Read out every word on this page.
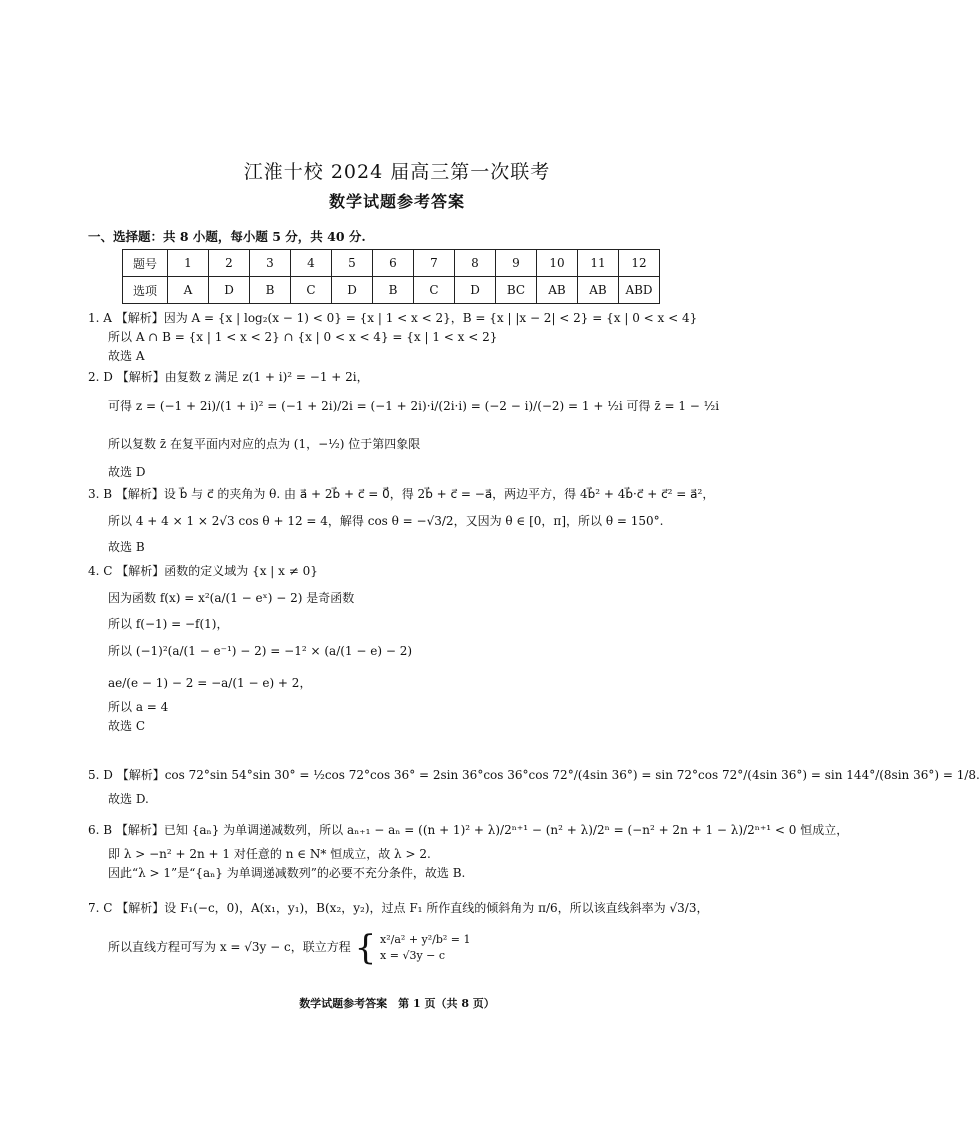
江淮十校 2024 届高三第一次联考
数学试题参考答案
一、选择题：共 8 小题，每小题 5 分，共 40 分.
题号	1	2	3	4	5	6	7	8	9	10	11	12
选项	A	D	B	C	D	B	C	D	BC	AB	AB	ABD
1. A 【解析】因为 A = {x | log₂(x − 1) < 0} = {x | 1 < x < 2}，B = {x | |x − 2| < 2} = {x | 0 < x < 4}
所以 A ∩ B = {x | 1 < x < 2} ∩ {x | 0 < x < 4} = {x | 1 < x < 2}
故选 A
2. D 【解析】由复数 z 满足 z(1 + i)² = −1 + 2i，
可得 z = (−1 + 2i)/(1 + i)² = (−1 + 2i)/2i = (−1 + 2i)·i/(2i·i) = (−2 − i)/(−2) = 1 + ½i 可得 z̄ = 1 − ½i
所以复数 z̄ 在复平面内对应的点为 (1，−½) 位于第四象限
故选 D
3. B 【解析】设 b⃗ 与 c⃗ 的夹角为 θ. 由 a⃗ + 2b⃗ + c⃗ = 0⃗，得 2b⃗ + c⃗ = −a⃗，两边平方，得 4b⃗² + 4b⃗·c⃗ + c⃗² = a⃗²，
所以 4 + 4 × 1 × 2√3 cos θ + 12 = 4，解得 cos θ = −√3/2，又因为 θ ∈ [0，π]，所以 θ = 150°.
故选 B
4. C 【解析】函数的定义域为 {x | x ≠ 0}
因为函数 f(x) = x²(a/(1 − eˣ) − 2) 是奇函数
所以 f(−1) = −f(1)，
所以 (−1)²(a/(1 − e⁻¹) − 2) = −1² × (a/(1 − e) − 2)
ae/(e − 1) − 2 = −a/(1 − e) + 2，
所以 a = 4
故选 C
5. D 【解析】cos 72°sin 54°sin 30° = ½cos 72°cos 36° = 2sin 36°cos 36°cos 72°/(4sin 36°) = sin 72°cos 72°/(4sin 36°) = sin 144°/(8sin 36°) = 1/8.
故选 D.
6. B 【解析】已知 {aₙ} 为单调递减数列，所以 aₙ₊₁ − aₙ = ((n + 1)² + λ)/2ⁿ⁺¹ − (n² + λ)/2ⁿ = (−n² + 2n + 1 − λ)/2ⁿ⁺¹ < 0 恒成立，
即 λ > −n² + 2n + 1 对任意的 n ∈ N* 恒成立，故 λ > 2.
因此“λ > 1”是“{aₙ} 为单调递减数列”的必要不充分条件，故选 B.
7. C 【解析】设 F₁(−c，0)，A(x₁，y₁)，B(x₂，y₂)，过点 F₁ 所作直线的倾斜角为 π/6，所以该直线斜率为 √3/3，
所以直线方程可写为 x = √3y − c，联立方程 { x²/a² + y²/b² = 1
x = √3y − c
数学试题参考答案　第 1 页（共 8 页）
